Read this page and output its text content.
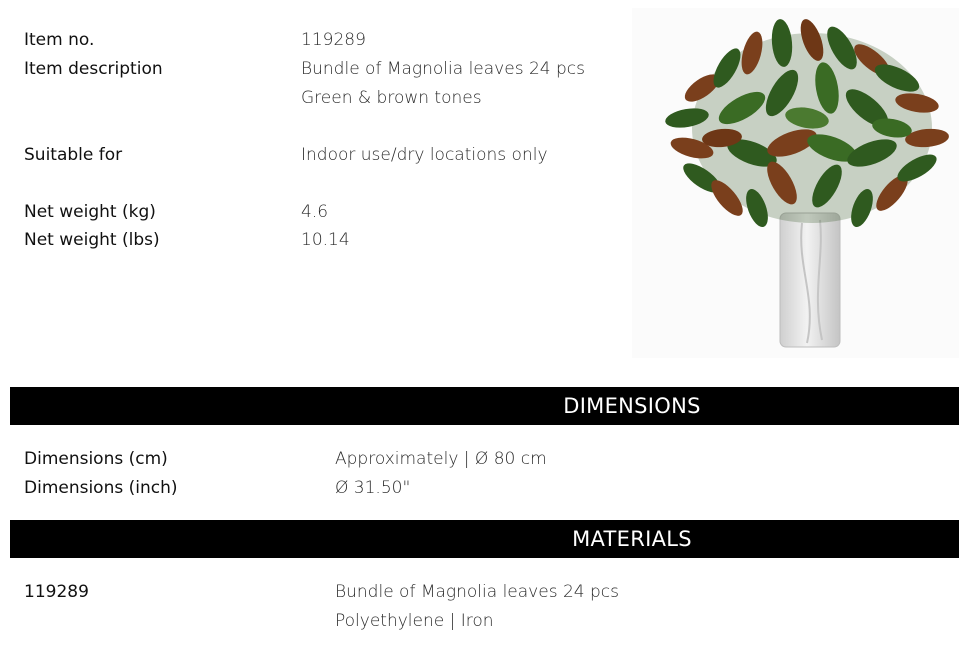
Item no.	119289
Item description	Bundle of Magnolia leaves 24 pcs
Green & brown tones
Suitable for	Indoor use/dry locations only
Net weight (kg)	4.6
Net weight (lbs)	10.14
DIMENSIONS
Dimensions (cm)	Approximately | Ø 80 cm
Dimensions (inch)	Ø 31.50"
MATERIALS
119289	Bundle of Magnolia leaves 24 pcs
Polyethylene | Iron
